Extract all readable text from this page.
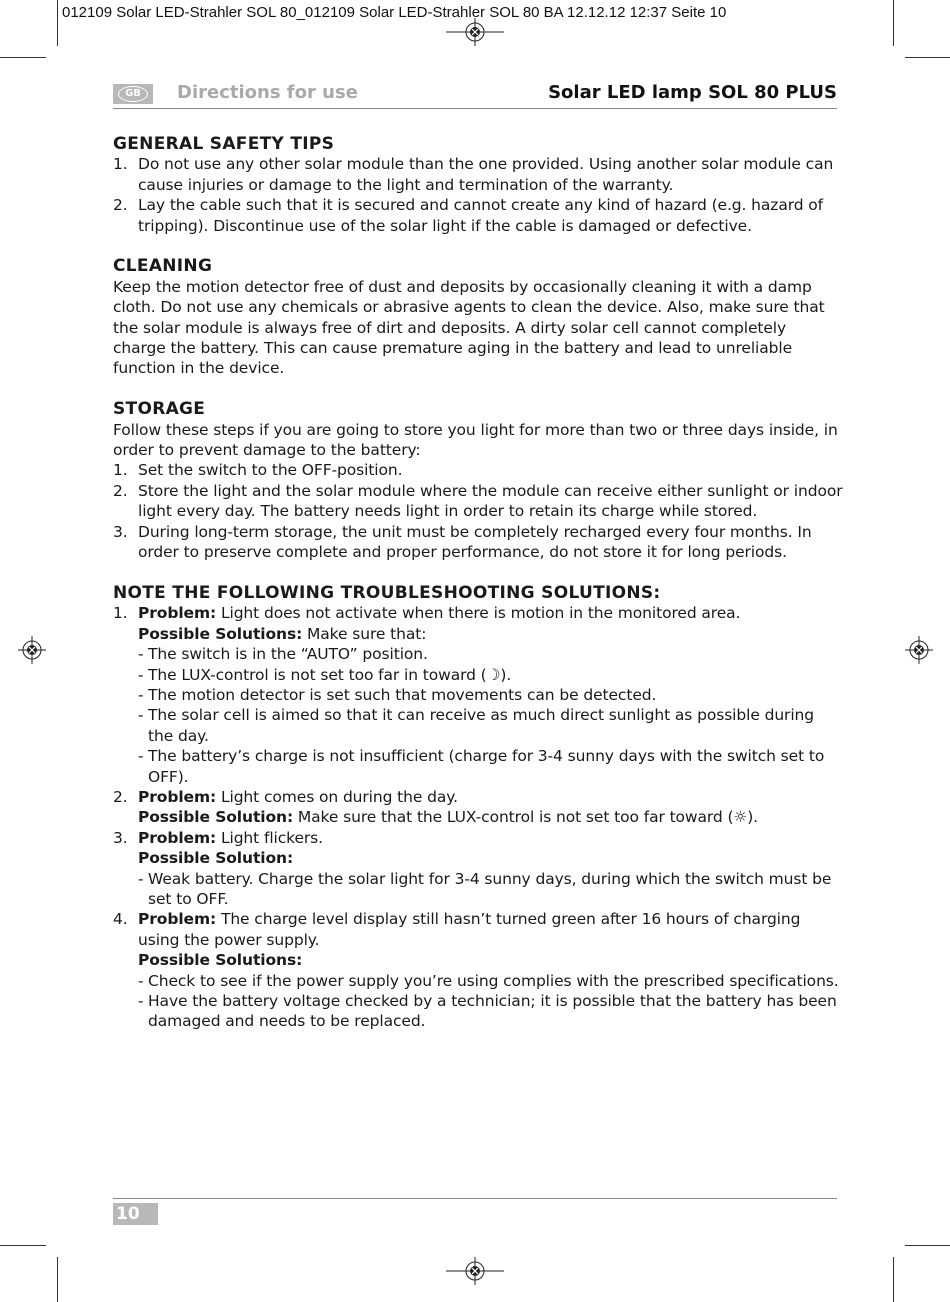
012109 Solar LED-Strahler SOL 80_012109 Solar LED-Strahler SOL 80 BA 12.12.12 12:37 Seite 10
GB	Directions for use	Solar LED lamp SOL 80 PLUS
GENERAL SAFETY TIPS
1. Do not use any other solar module than the one provided. Using another solar module can cause injuries or damage to the light and termination of the warranty.
2. Lay the cable such that it is secured and cannot create any kind of hazard (e.g. hazard of tripping). Discontinue use of the solar light if the cable is damaged or defective.
CLEANING

Keep the motion detector free of dust and deposits by occasionally cleaning it with a damp cloth. Do not use any chemicals or abrasive agents to clean the device. Also, make sure that the solar module is always free of dirt and deposits. A dirty solar cell cannot completely charge the battery. This can cause premature aging in the battery and lead to unreliable function in the device.

STORAGE

Follow these steps if you are going to store you light for more than two or three days inside, in order to prevent damage to the battery:

1. Set the switch to the OFF-position.
2. Store the light and the solar module where the module can receive either sunlight or indoor light every day. The battery needs light in order to retain its charge while stored.
3. During long-term storage, the unit must be completely recharged every four months. In order to preserve complete and proper performance, do not store it for long periods.
NOTE THE FOLLOWING TROUBLESHOOTING SOLUTIONS:
1. Problem: Light does not activate when there is motion in the monitored area.
Possible Solutions: Make sure that:
- The switch is in the “AUTO” position.
- The LUX-control is not set too far in toward (☽).
- The motion detector is set such that movements can be detected.
- The solar cell is aimed so that it can receive as much direct sunlight as possible during the day.
- The battery’s charge is not insufficient (charge for 3-4 sunny days with the switch set to OFF).
2. Problem: Light comes on during the day.
Possible Solution: Make sure that the LUX-control is not set too far toward (☼).
3. Problem: Light flickers.
Possible Solution:
- Weak battery. Charge the solar light for 3-4 sunny days, during which the switch must be set to OFF.
4. Problem: The charge level display still hasn’t turned green after 16 hours of charging using the power supply.
Possible Solutions:
- Check to see if the power supply you’re using complies with the prescribed specifications.
- Have the battery voltage checked by a technician; it is possible that the battery has been damaged and needs to be replaced.
10
